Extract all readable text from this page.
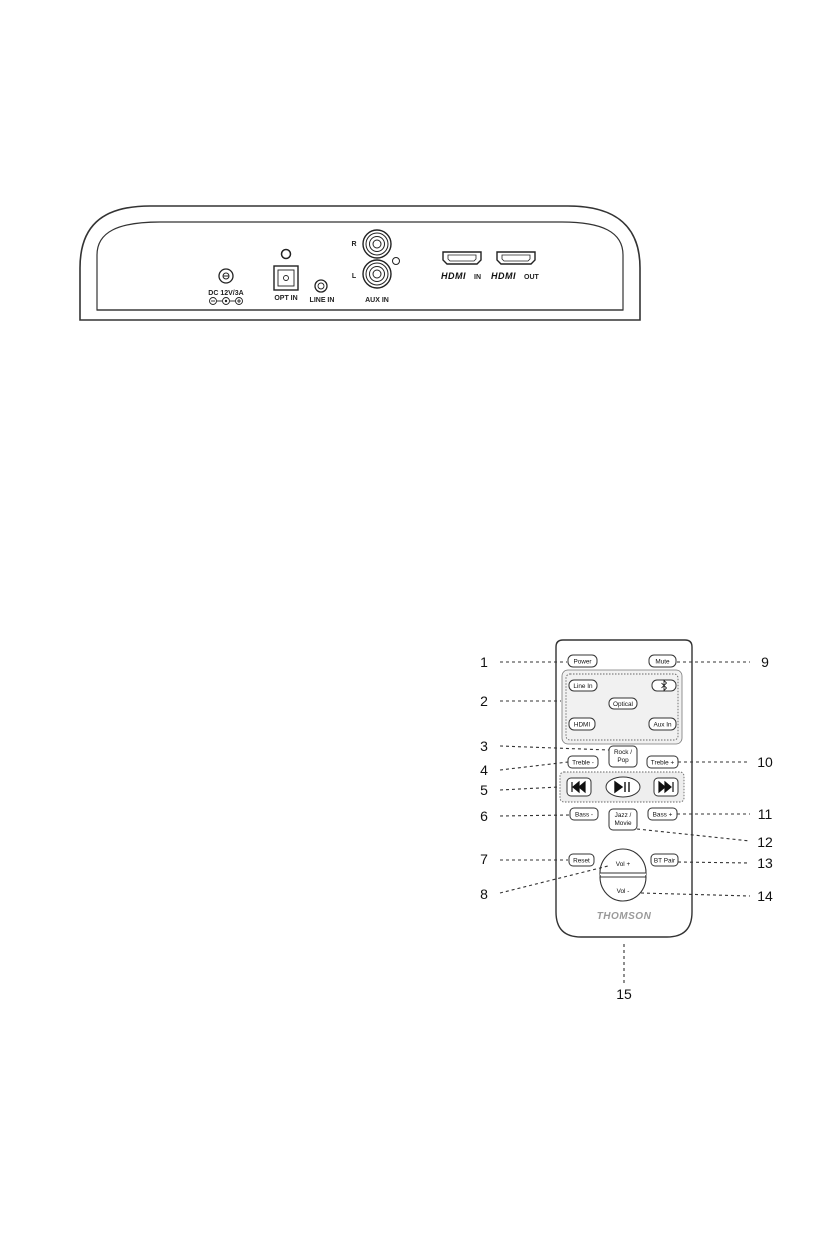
DC 12V/3A
OPT IN LINE IN
R
L
AUX IN
HDMI IN HDMI OUT
Power	Mute
Line In
Optical
HDMI	Aux In
Rock /
Pop
Treble -	Treble +
Bass -	Jazz /
Movie
Bass +
Reset	BT Pair
Vol +
Vol -
THOMSON
1
2
3
4
5
6
7
8
9
10
11
12
13
14
15
